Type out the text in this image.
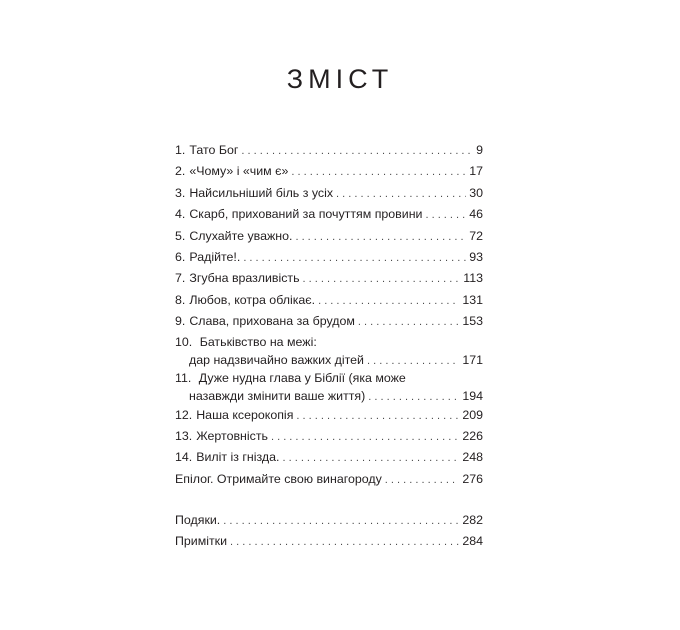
ЗМІСТ
1. Тато Бог . . .	9
2. «Чому» і «чим є» . . .	17
3. Найсильніший біль з усіх . . .	30
4. Скарб, прихований за почуттям провини . . .	46
5. Слухайте уважно. . . .	72
6. Радійте!. . . .	93
7. Згубна вразливість . . .	113
8. Любов, котра облікає. . . .	131
9. Слава, прихована за брудом . . .	153
10. Батьківство на межі:
дар надзвичайно важких дітей . . .	171
11. Дуже нудна глава у Біблії (яка може
назавжди змінити ваше життя) . . .	194
12. Наша ксерокопія . . .	209
13. Жертовність . . .	226
14. Виліт із гнізда. . . .	248
Епілог. Отримайте свою винагороду . . .	276
Подяки. . . .	282
Примітки . . .	284
